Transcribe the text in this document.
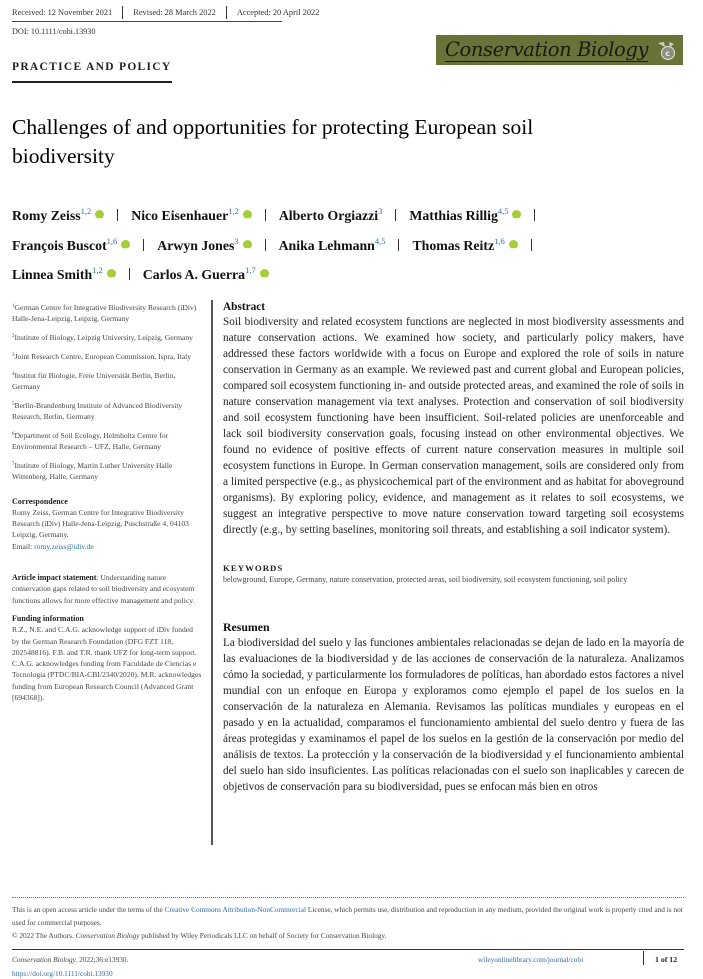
Received: 12 November 2021	Revised: 28 March 2022	Accepted: 20 April 2022
DOI: 10.1111/cobi.13930
Conservation Biology c
PRACTICE AND POLICY
Challenges of and opportunities for protecting European soil biodiversity
Romy Zeiss$^{1,2}$ iD	Nico Eisenhauer$^{1,2}$ iD	Alberto Orgiazzi$^3$ Matthias Rillig$^{4,5}$iD
François Buscot$^{1,6}$ iD	Arwyn Jones$^3$ iD	Anika Lehmann$^{4,5}$ Thomas Reitz$^{1,6}$iD
Linnea Smith$^{1,2}$ iD	Carlos A. Guerra$^{1,7}$iD
$^1$German Centre for Integrative Biodiversity Research (iDiv) Halle-Jena-Leipzig, Leipzig, Germany
$^2$Institute of Biology, Leipzig University, Leipzig, Germany
$^3$Joint Research Centre, European Commission, Ispra, Italy
$^4$Institut für Biologie, Freie Universität Berlin, Berlin, Germany
$^5$Berlin-Brandenburg Institute of Advanced Biodiversity Research, Berlin, Germany
$^6$Department of Soil Ecology, Helmholtz Centre for Environmental Research – UFZ, Halle, Germany
$^7$Institute of Biology, Martin Luther University Halle Wittenberg, Halle, Germany
Correspondence
Romy Zeiss, German Centre for Integrative Biodiversity Research (iDiv) Halle-Jena-Leipzig, Puschstraße 4, 04103 Leipzig, Germany.
Email: romy.zeiss@idiv.de
Article impact statement: Understanding nature conservation gaps related to soil biodiversity and ecosystem functions allows for more effective management and policy.
Funding information
R.Z., N.E. and C.A.G. acknowledge support of iDiv funded by the German Research Foundation (DFG FZT 118, 202548816). F.B. and T.R. thank UFZ for long-term support. C.A.G. acknowledges funding from Faculdade de Ciencias e Tecnologia (PTDC/BIA-CBI/2340/2020). M.R. acknowledges funding from European Research Council (Advanced Grant [694368]).
Abstract

Soil biodiversity and related ecosystem functions are neglected in most biodiversity assessments and nature conservation actions. We examined how society, and particularly policy makers, have addressed these factors worldwide with a focus on Europe and explored the role of soils in nature conservation in Germany as an example. We reviewed past and current global and European policies, compared soil ecosystem functioning in- and outside protected areas, and examined the role of soils in nature conservation management via text analyses. Protection and conservation of soil biodiversity and soil ecosystem functioning have been insufficient. Soil-related policies are unenforceable and lack soil biodiversity conservation goals, focusing instead on other environmental objectives. We found no evidence of positive effects of current nature conservation measures in multiple soil ecosystem functions in Europe. In German conservation management, soils are considered only from a limited perspective (e.g., as physicochemical part of the environment and as habitat for aboveground organisms). By exploring policy, evidence, and management as it relates to soil ecosystems, we suggest an integrative perspective to move nature conservation toward targeting soil ecosystems directly (e.g., by setting baselines, monitoring soil threats, and establishing a soil indicator system).

KEYWORDS

belowground, Europe, Germany, nature conservation, protected areas, soil biodiversity, soil ecosystem functioning, soil policy

Resumen

La biodiversidad del suelo y las funciones ambientales relacionadas se dejan de lado en la mayoría de las evaluaciones de la biodiversidad y de las acciones de conservación de la naturaleza. Analizamos cómo la sociedad, y particularmente los formuladores de políticas, han abordado estos factores a nivel mundial con un enfoque en Europa y exploramos como ejemplo el papel de los suelos en la conservación de la naturaleza en Alemania. Revisamos las políticas mundiales y europeas en el pasado y en la actualidad, comparamos el funcionamiento ambiental del suelo dentro y fuera de las áreas protegidas y examinamos el papel de los suelos en la gestión de la conservación por medio del análisis de textos. La protección y la conservación de la biodiversidad y el funcionamiento ambiental del suelo han sido insuficientes. Las políticas relacionadas con el suelo son inaplicables y carecen de objetivos de conservación para su biodiversidad, pues se enfocan más bien en otros

This is an open access article under the terms of the Creative Commons Attribution-NonCommercial License, which permits use, distribution and reproduction in any medium, provided the original work is properly cited and is not used for commercial purposes.
© 2022 The Authors. Conservation Biology published by Wiley Periodicals LLC on behalf of Society for Conservation Biology.
Conservation Biology. 2022;36:e13930.
https://doi.org/10.1111/cobi.13930
wileyonlinelibrary.com/journal/cobi	1 of 12
